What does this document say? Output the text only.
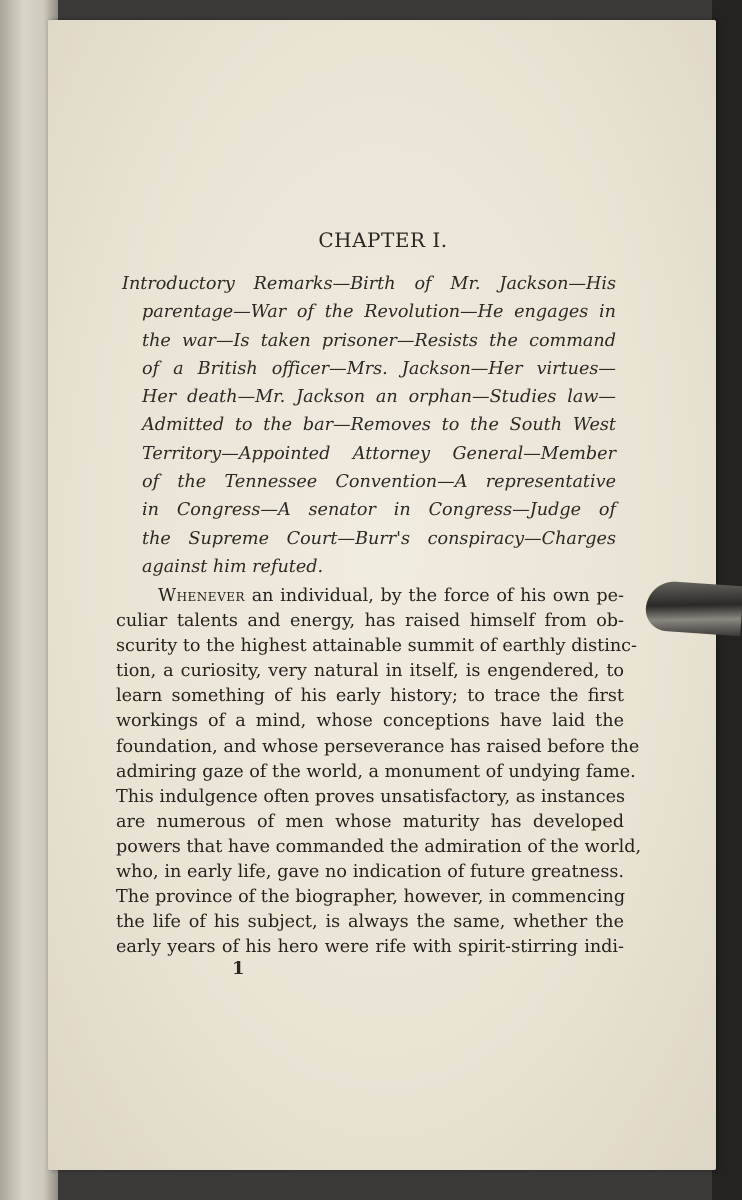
CHAPTER I.
Introductory Remarks—Birth of Mr. Jackson—His
parentage—War of the Revolution—He engages in
the war—Is taken prisoner—Resists the command
of a British officer—Mrs. Jackson—Her virtues—
Her death—Mr. Jackson an orphan—Studies law—
Admitted to the bar—Removes to the South West
Territory—Appointed Attorney General—Member
of the Tennessee Convention—A representative
in Congress—A senator in Congress—Judge of
the Supreme Court—Burr's conspiracy—Charges
against him refuted.
Whenever an individual, by the force of his own pe-
culiar talents and energy, has raised himself from ob-
scurity to the highest attainable summit of earthly distinc-
tion, a curiosity, very natural in itself, is engendered, to
learn something of his early history; to trace the first
workings of a mind, whose conceptions have laid the
foundation, and whose perseverance has raised before the
admiring gaze of the world, a monument of undying fame.
This indulgence often proves unsatisfactory, as instances
are numerous of men whose maturity has developed
powers that have commanded the admiration of the world,
who, in early life, gave no indication of future greatness.
The province of the biographer, however, in commencing
the life of his subject, is always the same, whether the
early years of his hero were rife with spirit-stirring indi-
1
